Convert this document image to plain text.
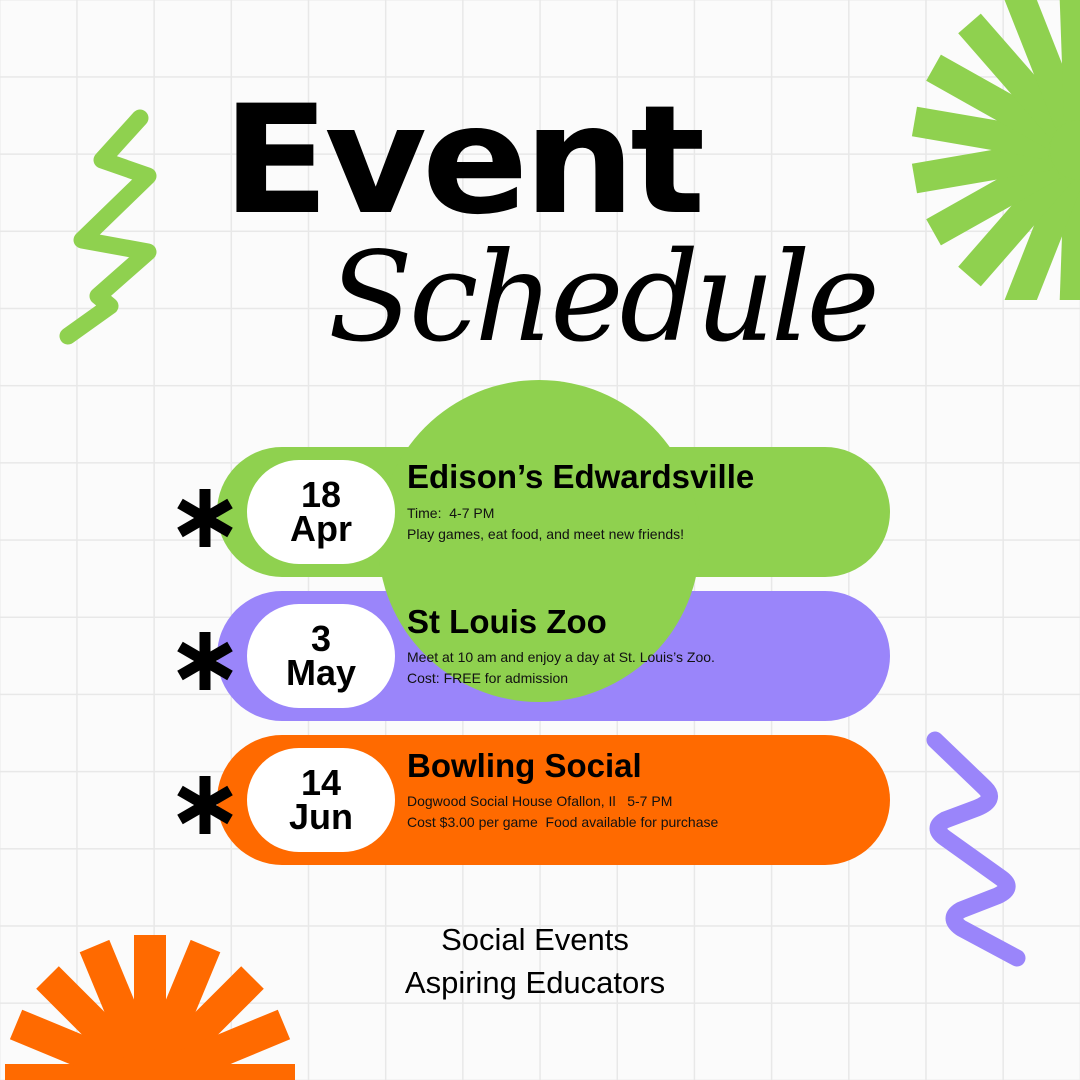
Event
Schedule
18
Apr
3
May
14
Jun
Edison’s Edwardsville
Time:  4-7 PM
Play games, eat food, and meet new friends!
St Louis Zoo
Meet at 10 am and enjoy a day at St. Louis’s Zoo.
Cost: FREE for admission
Bowling Social
Dogwood Social House Ofallon, Il   5-7 PM
Cost $3.00 per game  Food available for purchase
Social Events
Aspiring Educators
